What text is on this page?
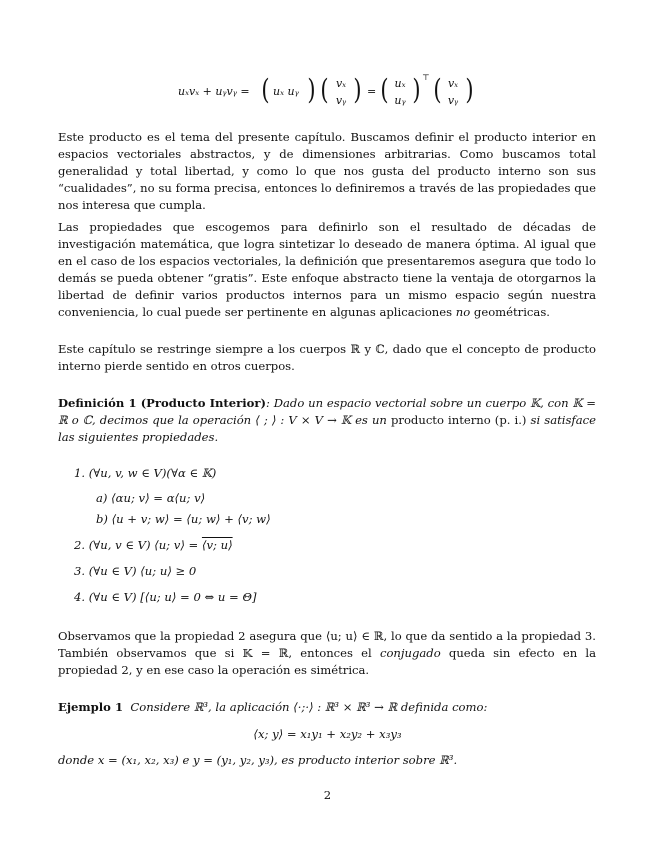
uₓvₓ + uᵧvᵧ = ( uₓ uᵧ ) ( vₓ
vᵧ ) = ( uₓ
uᵧ ) ⊤ ( vₓ
vᵧ )

Este producto es el tema del presente capítulo. Buscamos definir el producto interior en espacios vectoriales abstractos, y de dimensiones arbitrarias. Como buscamos total generalidad y total libertad, y como lo que nos gusta del producto interno son sus “cualidades”, no su forma precisa, entonces lo definiremos a través de las propiedades que nos interesa que cumpla.

Las propiedades que escogemos para definirlo son el resultado de décadas de investigación matemática, que logra sintetizar lo deseado de manera óptima. Al igual que en el caso de los espacios vectoriales, la definición que presentaremos asegura que todo lo demás se pueda obtener “gratis”. Este enfoque abstracto tiene la ventaja de otorgarnos la libertad de definir varios productos internos para un mismo espacio según nuestra conveniencia, lo cual puede ser pertinente en algunas aplicaciones no geométricas.

Este capítulo se restringe siempre a los cuerpos ℝ y ℂ, dado que el concepto de producto interno pierde sentido en otros cuerpos.

Definición 1 (Producto Interior): Dado un espacio vectorial sobre un cuerpo 𝕂, con 𝕂 = ℝ o ℂ, decimos que la operación ⟨ ; ⟩ : V × V → 𝕂 es un producto interno (p. i.) si satisface las siguientes propiedades.

1. (∀u, v, w ∈ V)(∀α ∈ 𝕂)
a) ⟨αu; v⟩ = α⟨u; v⟩
b) ⟨u + v; w⟩ = ⟨u; w⟩ + ⟨v; w⟩
2. (∀u, v ∈ V) ⟨u; v⟩ = ⟨v; u⟩
3. (∀u ∈ V) ⟨u; u⟩ ≥ 0
4. (∀u ∈ V) [⟨u; u⟩ = 0 ⇔ u = Θ]

Observamos que la propiedad 2 asegura que ⟨u; u⟩ ∈ ℝ, lo que da sentido a la propiedad 3. También observamos que si 𝕂 = ℝ, entonces el conjugado queda sin efecto en la propiedad 2, y en ese caso la operación es simétrica.

Ejemplo 1 Considere ℝ³, la aplicación ⟨·;·⟩ : ℝ³ × ℝ³ → ℝ definida como:

⟨x; y⟩ = x₁y₁ + x₂y₂ + x₃y₃

donde x = (x₁, x₂, x₃) e y = (y₁, y₂, y₃), es producto interior sobre ℝ³.

2
